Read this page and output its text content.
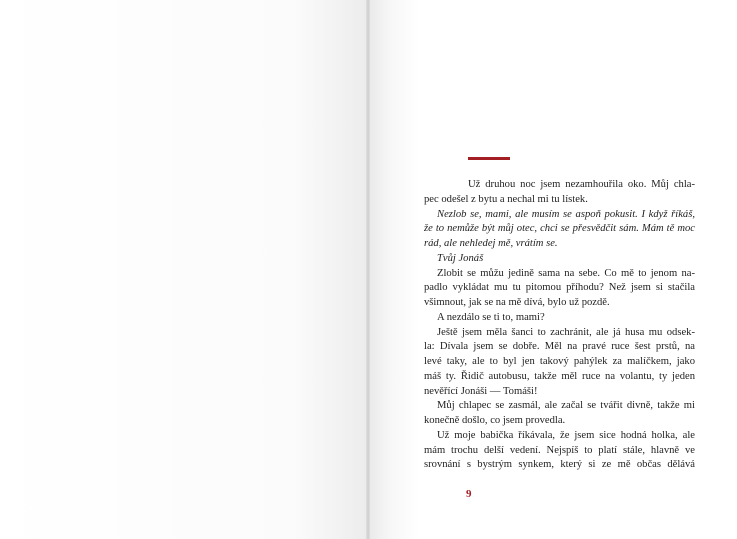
Už druhou noc jsem nezamhouřila oko. Můj chla-
pec odešel z bytu a nechal mi tu lístek.
Nezlob se, mami, ale musím se aspoň pokusit. I když říkáš,
že to nemůže být můj otec, chci se přesvědčit sám. Mám tě moc
rád, ale nehledej mě, vrátím se.
Tvůj Jonáš
Zlobit se můžu jedině sama na sebe. Co mě to jenom na-
padlo vykládat mu tu pitomou příhodu? Než jsem si stačila
všimnout, jak se na mě dívá, bylo už pozdě.
A nezdálo se ti to, mami?
Ještě jsem měla šanci to zachránit, ale já husa mu odsek-
la: Dívala jsem se dobře. Měl na pravé ruce šest prstů, na
levé taky, ale to byl jen takový pahýlek za malíčkem, jako
máš ty. Řidič autobusu, takže měl ruce na volantu, ty jeden
nevěřící Jonáši — Tomáši!
Můj chlapec se zasmál, ale začal se tvářit divně, takže mi
konečně došlo, co jsem provedla.
Už moje babička říkávala, že jsem sice hodná holka, ale
mám trochu delší vedení. Nejspíš to platí stále, hlavně ve
srovnání s bystrým synkem, který si ze mě občas dělává
9
